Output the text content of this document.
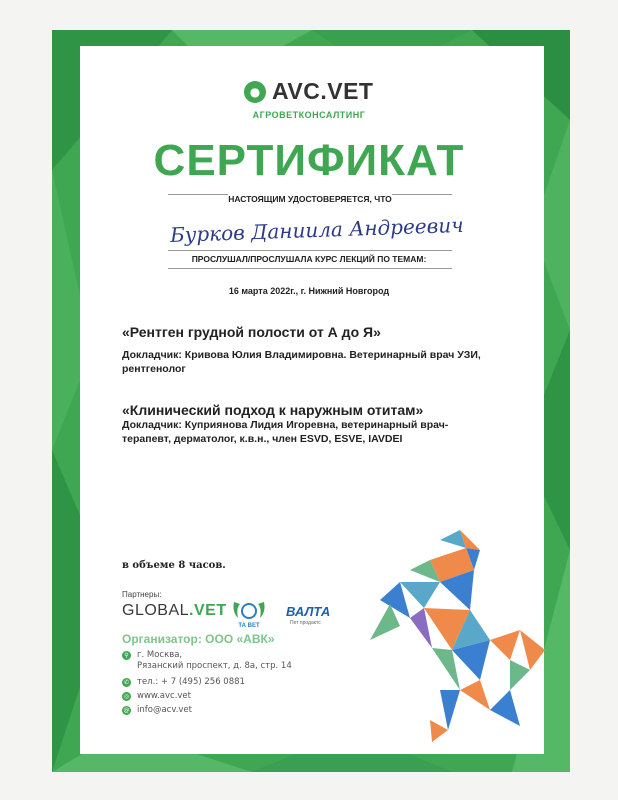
● AVC.VET
АГРОВЕТКОНСАЛТИНГ
СЕРТИФИКАТ
НАСТОЯЩИМ УДОСТОВЕРЯЕТСЯ, ЧТО
Бурков Даниила Андреевич
ПРОСЛУШАЛ/ПРОСЛУШАЛА КУРС ЛЕКЦИЙ ПО ТЕМАМ:
16 марта 2022г., г. Нижний Новгород
«Рентген грудной полости от А до Я»
Докладчик: Кривова Юлия Владимировна. Ветеринарный врач УЗИ, рентгенолог
«Клинический подход к наружным отитам»
Докладчик: Куприянова Лидия Игоревна, ветеринарный врач-терапевт, дерматолог, к.в.н., член ESVD, ESVE, IAVDEI
в объеме 8 часов.
Партнеры:
GLOBAL.VET
ТА ВЕТ
ВАЛТА
Пет продактс
Организатор: ООО «АВК»
⚲ г. Москва,
Рязанский проспект, д. 8а, стр. 14
✆ тел.: + 7 (495) 256 0881
◎ www.avc.vet
@ info@acv.vet
